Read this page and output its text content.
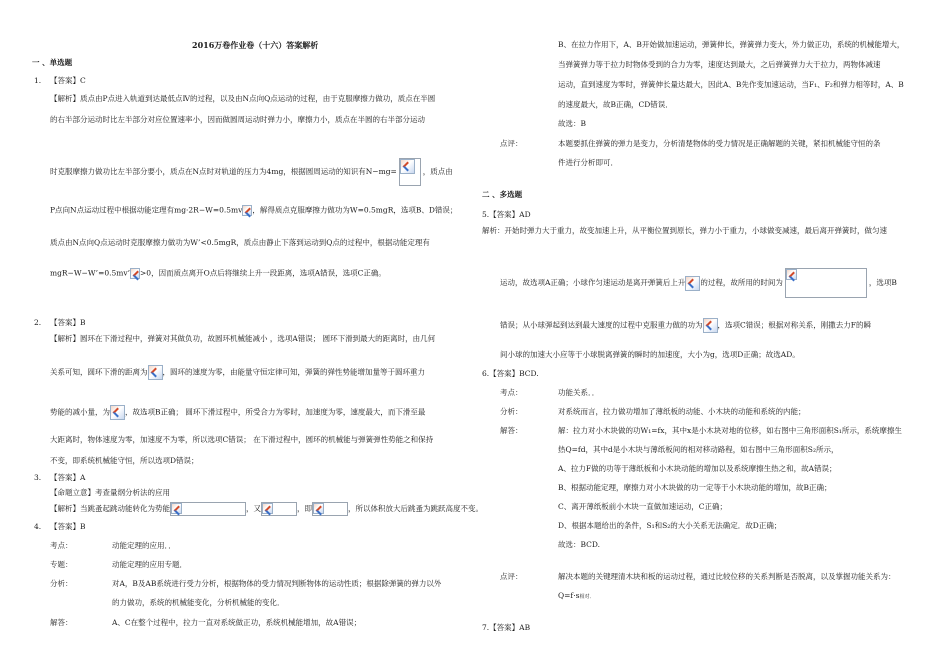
2016万卷作业卷（十六）答案解析
一 、单选题
1. 【答案】C
【解析】质点由P点进入轨道到达最低点Ⅳ的过程，以及由N点向Q点运动的过程，由于克服摩擦力做功，质点在半圆
的右半部分运动时比左半部分对应位置速率小，因而做圆周运动时弹力小，摩擦力小，质点在半圆的右半部分运动
时克服摩擦力做功比左半部分要小，质点在N点时对轨道的压力为4mg，根据圆周运动的知识有N−mg=	，质点由
P点向N点运动过程中根据动能定理有mg·2R−W=0.5mv ，解得质点克服摩擦力做功为W=0.5mgR，选项B、D错误；
质点由N点向Q点运动时克服摩擦力做功为W’<0.5mgR，质点由静止下落到运动到Q点的过程中，根据动能定理有
mgR−W−W’=0.5mv’ >0，因而质点离开O点后将继续上升一段距离，选项A错误，选项C正确。
2. 【答案】B
【解析】圆环在下滑过程中，弹簧对其做负功，故圆环机械能减小 ，选项A错误； 圆环下滑到最大的距离时，由几何
关系可知，圆环下滑的距离为 ，圆环的速度为零，由能量守恒定律可知，弹簧的弹性势能增加量等于圆环重力
势能的减小量，为 ，故选项B正确； 圆环下滑过程中，所受合力为零时，加速度为零，速度最大，而下滑至最
大距离时，物体速度为零，加速度不为零，所以选项C错误； 在下滑过程中，圆环的机械能与弹簧弹性势能之和保持
不变，即系统机械能守恒，所以选项D错误；
3. 【答案】A
【命题立意】考查量纲分析法的应用
【解析】当跳蚤起跳动能转化为势能	，又	，即	，所以体积放大后跳蚤为跳跃高度不变。
4. 【答案】B
考点：	动能定理的应用．．
专题：	动能定理的应用专题．
分析：	对A，B及AB系统进行受力分析，根据物体的受力情况判断物体的运动性质；根据除弹簧的弹力以外
的力做功，系统的机械能变化，分析机械能的变化．
解答：	A、C在整个过程中，拉力一直对系统做正功，系统机械能增加，故A错误；
B、在拉力作用下，A、B开始做加速运动，弹簧伸长，弹簧弹力变大，外力做正功，系统的机械能增大，
当弹簧弹力等于拉力时物体受到的合力为零，速度达到最大，之后弹簧弹力大于拉力，两物体减速
运动，直到速度为零时，弹簧伸长量达最大，因此A、B先作变加速运动，当F₁、F₂和弹力相等时，A、B
的速度最大，故B正确，CD错误．
故选：B
点评：	本题要抓住弹簧的弹力是变力，分析清楚物体的受力情况是正确解题的关键，紧扣机械能守恒的条
件进行分析即可．
二 、多选题
5.【答案】AD
解析：开始时弹力大于重力，故变加速上升，从平衡位置到原长，弹力小于重力，小球做变减速，最后离开弹簧时，做匀速
运动，故选项A正确；小球作匀速运动是离开弹簧后上升 的过程，故所用的时间为	，选项B
错误；从小球弹起到达到最大速度的过程中克服重力做的功为 ，选项C错误；根据对称关系，刚撒去力F的瞬
间小球的加速大小应等于小球脱离弹簧的瞬时的加速度，大小为g，选项D正确；故选AD。
6.【答案】BCD.
考点：	功能关系．．
分析：	对系统而言，拉力做功增加了薄纸板的动能、小木块的动能和系统的内能；
解答：	解：拉力对小木块做的功W₁=fx，其中x是小木块对地的位移，如右图中三角形面积S₁所示，系统摩擦生
热Q=fd，其中d是小木块与薄纸板间的相对移动路程，如右图中三角形面积S₂所示，
A、拉力F做的功等于薄纸板和小木块动能的增加以及系统摩擦生热之和，故A错误；
B、根据动能定理，摩擦力对小木块做的功一定等于小木块动能的增加，故B正确；
C、离开薄纸板前小木块一直做加速运动，C正确；
D、根据本题给出的条件，S₁和S₂的大小关系无法确定．故D正确；
故选：BCD.
点评：	解决本题的关键理清木块和板的运动过程，通过比较位移的关系判断是否脱离，以及掌握功能关系为：
Q=f·s相对．
7.【答案】AB
